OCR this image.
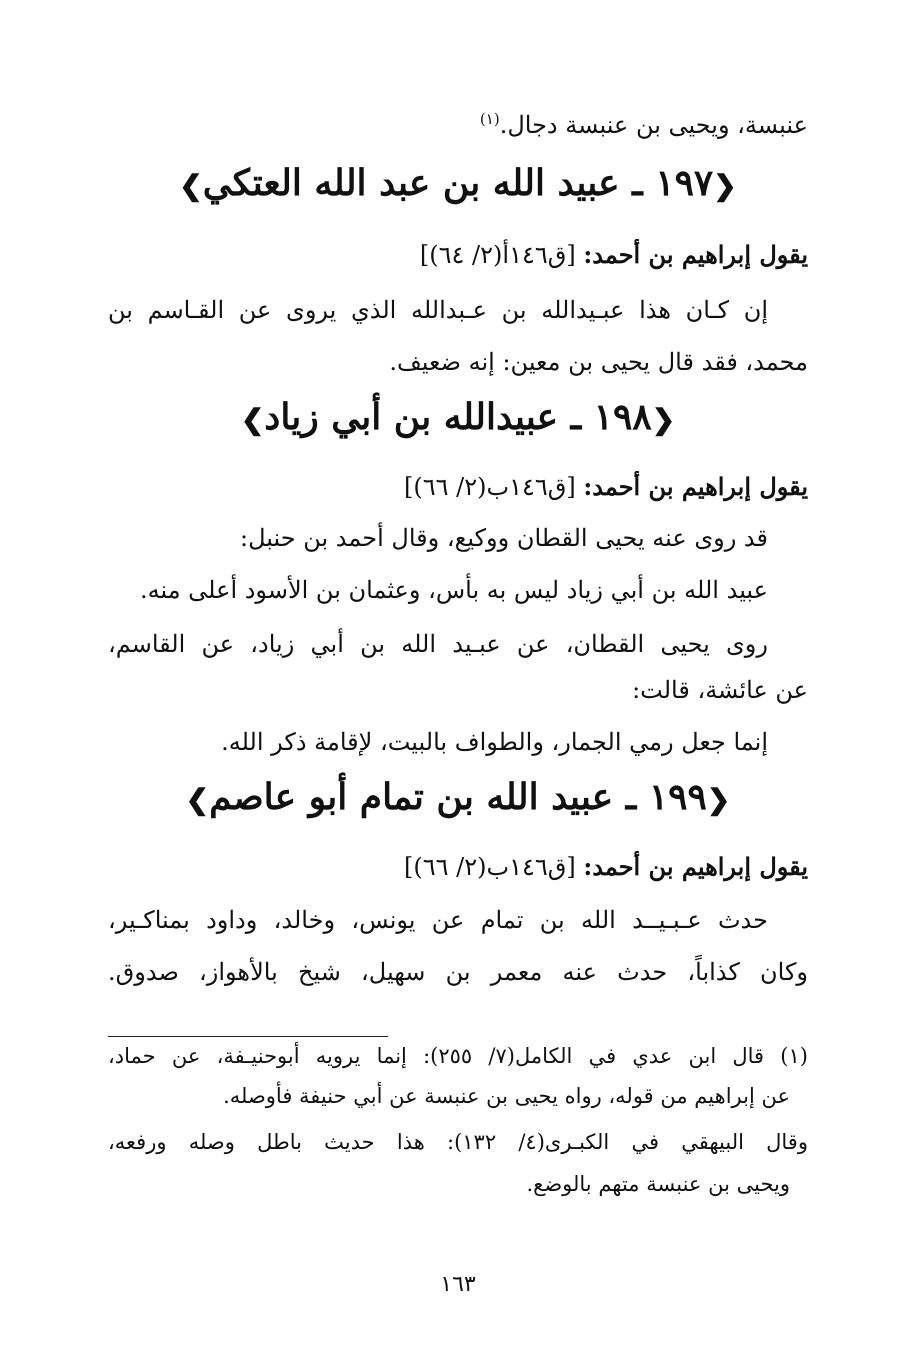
عنبسة، ويحيى بن عنبسة دجال.$^{(١)}$
❮١٩٧ ـ عبيد الله بن عبد الله العتكي❯
يقول إبراهيم بن أحمد: [ق١٤٦أ(٢/ ٦٤)]
إن كـان هذا عبـيدالله بن عـبدالله الذي يروى عن القـاسم بن
محمد، فقد قال يحيى بن معين: إنه ضعيف.
❮١٩٨ ـ عبيدالله بن أبي زياد❯
يقول إبراهيم بن أحمد: [ق١٤٦ب(٢/ ٦٦)]
قد روى عنه يحيى القطان ووكيع، وقال أحمد بن حنبل:
عبيد الله بن أبي زياد ليس به بأس، وعثمان بن الأسود أعلى منه.
روى يحيى القطان، عن عبـيد الله بن أبي زياد، عن القاسم،
عن عائشة، قالت:
إنما جعل رمي الجمار، والطواف بالبيت، لإقامة ذكر الله.
❮١٩٩ ـ عبيد الله بن تمام أبو عاصم❯
يقول إبراهيم بن أحمد: [ق١٤٦ب(٢/ ٦٦)]
حدث عـبـيــد الله بن تمام عن يونس، وخالد، وداود بمناكـير،
وكان كذاباً، حدث عنه معمر بن سهيل، شيخ بالأهواز، صدوق.
(١) قال ابن عدي في الكامل(٧/ ٢٥٥): إنما يرويه أبوحنيـفة، عن حماد،
عن إبراهيم من قوله، رواه يحيى بن عنبسة عن أبي حنيفة فأوصله.
وقال البيهقي في الكبـرى(٤/ ١٣٢): هذا حديث باطل وصله ورفعه،
ويحيى بن عنبسة متهم بالوضع.
١٦٣
